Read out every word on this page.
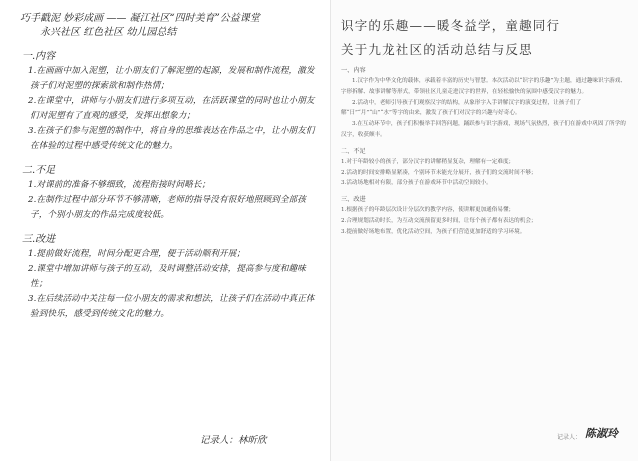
巧手戳泥 妙彩成画 —— 凝江社区“四时美育”公益课堂
永兴社区 红色社区 幼儿园总结
一.内容
1.在画画中加入泥塑，让小朋友们了解泥塑的起源，发展和制作流程，激发孩子们对泥塑的探索欲和制作热情；
2.在课堂中，讲师与小朋友们进行多项互动，在活跃课堂的同时也让小朋友们对泥塑有了直观的感受，发挥出想象力；
3.在孩子们参与泥塑的制作中，将自身的思维表达在作品之中，让小朋友们在体验的过程中感受传统文化的魅力。
二.不足
1.对课前的准备不够细致，流程衔接时间略长；
2.在制作过程中部分环节不够清晰，老师的指导没有很好地照顾到全部孩子，个别小朋友的作品完成度较低。
三.改进
1.提前做好流程，时间分配更合理，便于活动顺利开展；
2.课堂中增加讲师与孩子的互动，及时调整活动安排，提高参与度和趣味性；
3.在后续活动中关注每一位小朋友的需求和想法，让孩子们在活动中真正体验到快乐，感受到传统文化的魅力。
记录人：林昕欣
识字的乐趣——暖冬益学，童趣同行
关于九龙社区的活动总结与反思
一、内容
1.汉字作为中华文化的载体，承载着丰富的历史与智慧。本次活动以“识字的乐趣”为主题，通过趣味识字游戏、字形拆解、故事讲解等形式，带领社区儿童走进汉字的世界，在轻松愉快的氛围中感受汉字的魅力。
2.活动中，老师引导孩子们观察汉字的结构，从象形字入手讲解汉字的演变过程，让孩子们了解“日”“月”“山”“水”等字的由来，激发了孩子们对汉字的兴趣与好奇心。
3.在互动环节中，孩子们积极举手回答问题，踊跃参与识字游戏，现场气氛热烈，孩子们在游戏中巩固了所学的汉字，收获颇丰。
二、不足
1.对于年龄较小的孩子，部分汉字的讲解稍显复杂，理解有一定难度；
2.活动的时间安排略显紧凑，个别环节未能充分展开，孩子们的交流时间不够；
3.活动场地相对有限，部分孩子在游戏环节中活动空间较小。
三、改进
1.根据孩子的年龄层次设计分层次的教学内容，使讲解更加通俗易懂；
2.合理规划活动时长，为互动交流预留更多时间，让每个孩子都有表达的机会；
3.提前做好场地布置，优化活动空间，为孩子们营造更加舒适的学习环境。
记录人： 陈淑玲
